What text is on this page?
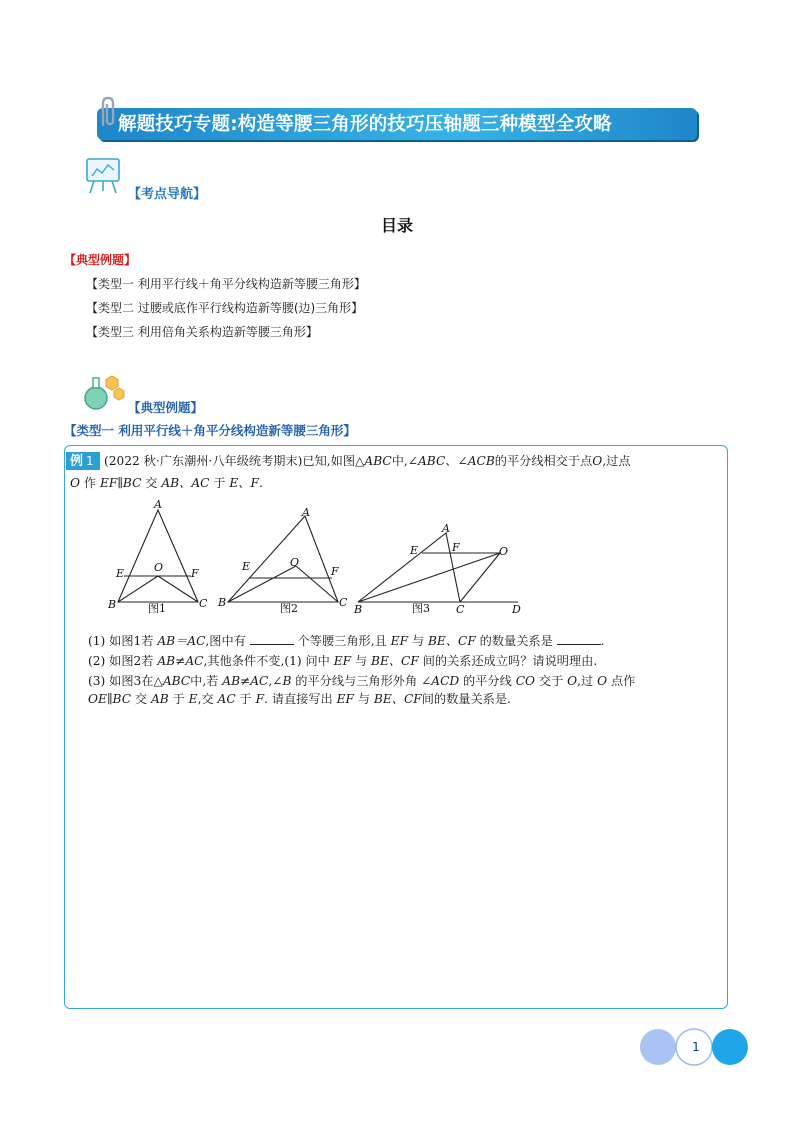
解题技巧专题:构造等腰三角形的技巧压轴题三种模型全攻略
【考点导航】
目录
【典型例题】
【类型一 利用平行线＋角平分线构造新等腰三角形】
【类型二 过腰或底作平行线构造新等腰(边)三角形】
【类型三 利用倍角关系构造新等腰三角形】
【典型例题】
【类型一 利用平行线＋角平分线构造新等腰三角形】
例 1 (2022 秋·广东潮州·八年级统考期末)已知,如图△ABC中,∠ABC、∠ACB的平分线相交于点O,过点
O 作 EF∥BC 交 AB、AC 于 E、F.
A
B	C
E	F
O
A
B	C
E	F
O
A
B	C	D
E	F	O
图1	图2	图3
(1) 如图1若 AB＝AC,图中有	个等腰三角形,且 EF 与 BE、CF 的数量关系是	.
(2) 如图2若 AB≠AC,其他条件不变,(1) 问中 EF 与 BE、CF 间的关系还成立吗？请说明理由.
(3) 如图3在△ABC中,若 AB≠AC,∠B 的平分线与三角形外角 ∠ACD 的平分线 CO 交于 O,过 O 点作
OE∥BC 交 AB 于 E,交 AC 于 F. 请直接写出 EF 与 BE、CF间的数量关系是.
1
